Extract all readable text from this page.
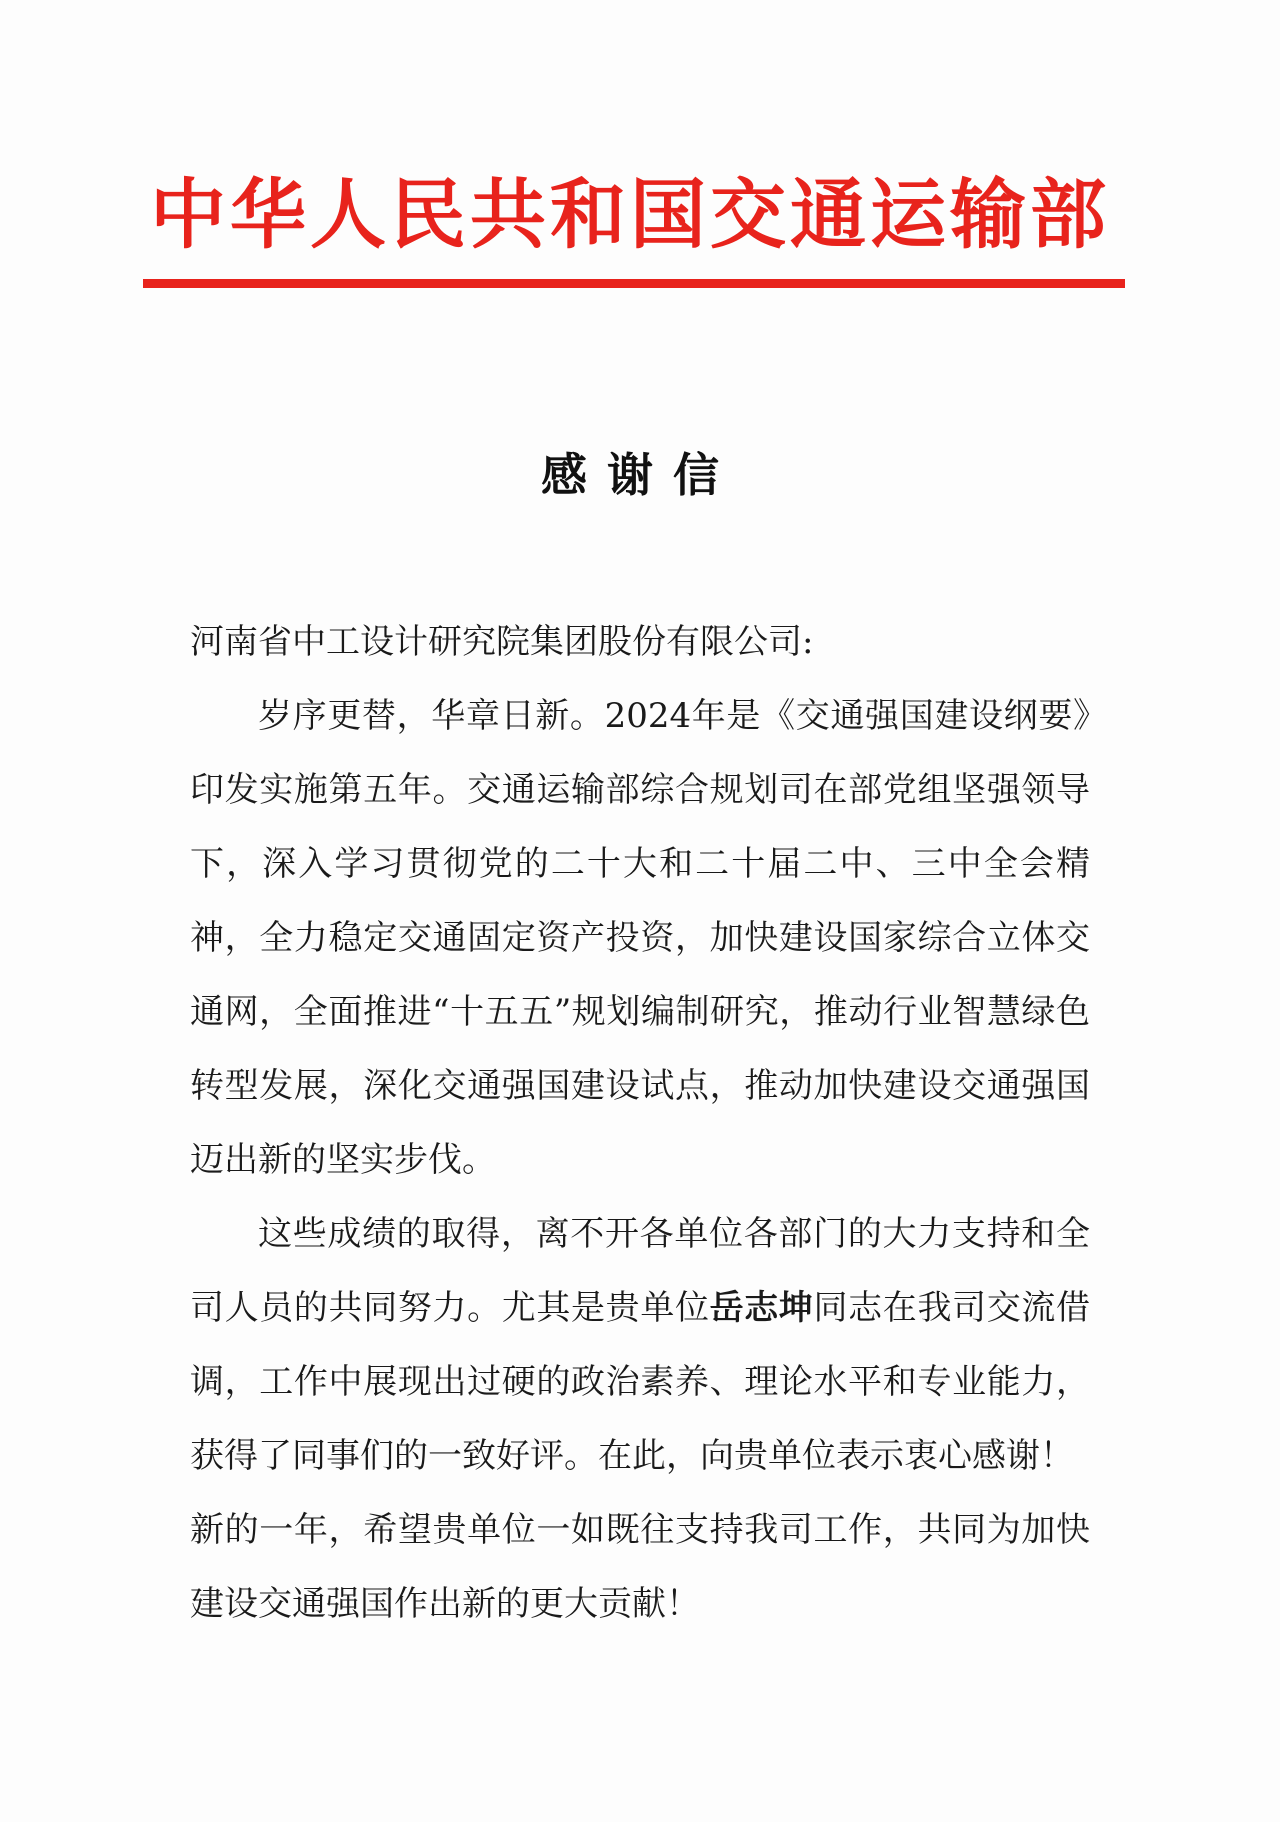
中华人民共和国交通运输部
感谢信

河南省中工设计研究院集团股份有限公司:

岁序更替，华章日新。2024年是《交通强国建设纲要》印发实施第五年。交通运输部综合规划司在部党组坚强领导下，深入学习贯彻党的二十大和二十届二中、三中全会精神，全力稳定交通固定资产投资，加快建设国家综合立体交通网，全面推进“十五五”规划编制研究，推动行业智慧绿色转型发展，深化交通强国建设试点，推动加快建设交通强国迈出新的坚实步伐。

这些成绩的取得，离不开各单位各部门的大力支持和全司人员的共同努力。尤其是贵单位岳志坤同志在我司交流借调，工作中展现出过硬的政治素养、理论水平和专业能力，获得了同事们的一致好评。在此，向贵单位表示衷心感谢！
新的一年，希望贵单位一如既往支持我司工作，共同为加快建设交通强国作出新的更大贡献！
